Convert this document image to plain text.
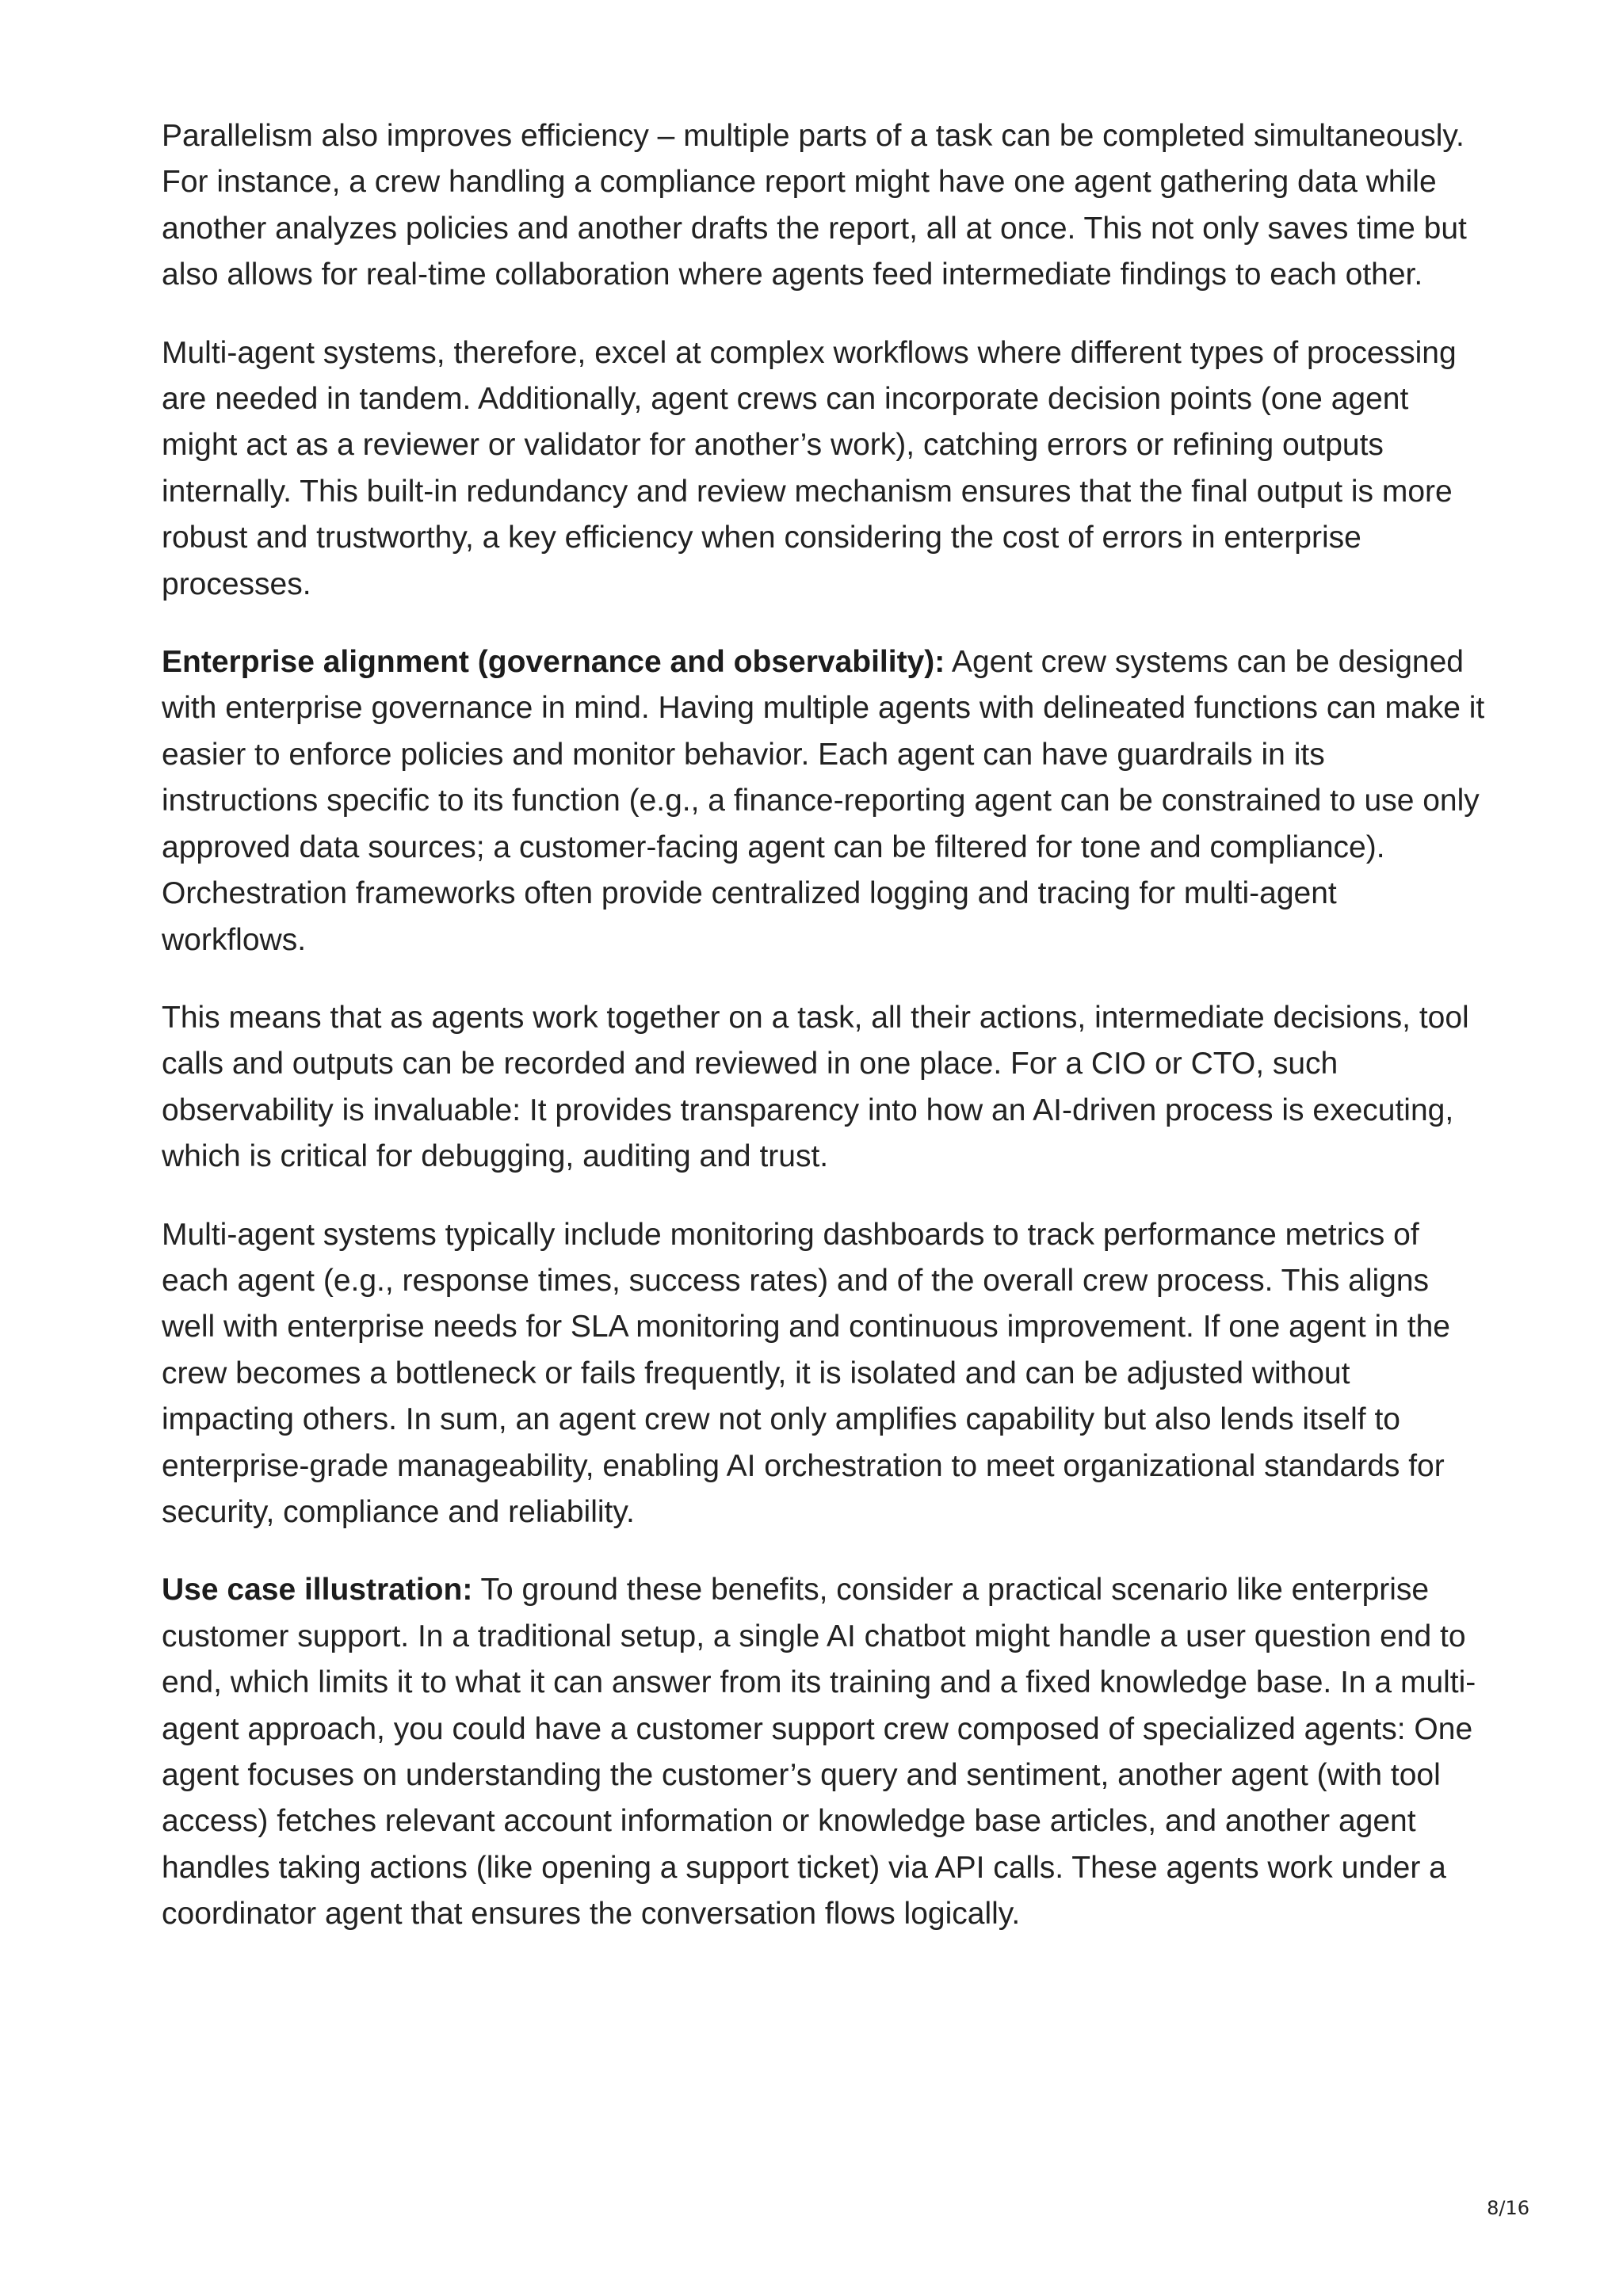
Parallelism also improves efficiency – multiple parts of a task can be completed simultaneously. For instance, a crew handling a compliance report might have one agent gathering data while another analyzes policies and another drafts the report, all at once. This not only saves time but also allows for real-time collaboration where agents feed intermediate findings to each other.

Multi-agent systems, therefore, excel at complex workflows where different types of processing are needed in tandem. Additionally, agent crews can incorporate decision points (one agent might act as a reviewer or validator for another’s work), catching errors or refining outputs internally. This built-in redundancy and review mechanism ensures that the final output is more robust and trustworthy, a key efficiency when considering the cost of errors in enterprise processes.

Enterprise alignment (governance and observability): Agent crew systems can be designed with enterprise governance in mind. Having multiple agents with delineated functions can make it easier to enforce policies and monitor behavior. Each agent can have guardrails in its instructions specific to its function (e.g., a finance-reporting agent can be constrained to use only approved data sources; a customer-facing agent can be filtered for tone and compliance). Orchestration frameworks often provide centralized logging and tracing for multi-agent workflows.

This means that as agents work together on a task, all their actions, intermediate decisions, tool calls and outputs can be recorded and reviewed in one place. For a CIO or CTO, such observability is invaluable: It provides transparency into how an AI-driven process is executing, which is critical for debugging, auditing and trust.

Multi-agent systems typically include monitoring dashboards to track performance metrics of each agent (e.g., response times, success rates) and of the overall crew process. This aligns well with enterprise needs for SLA monitoring and continuous improvement. If one agent in the crew becomes a bottleneck or fails frequently, it is isolated and can be adjusted without impacting others. In sum, an agent crew not only amplifies capability but also lends itself to enterprise-grade manageability, enabling AI orchestration to meet organizational standards for security, compliance and reliability.

Use case illustration: To ground these benefits, consider a practical scenario like enterprise customer support. In a traditional setup, a single AI chatbot might handle a user question end to end, which limits it to what it can answer from its training and a fixed knowledge base. In a multi-agent approach, you could have a customer support crew composed of specialized agents: One agent focuses on understanding the customer’s query and sentiment, another agent (with tool access) fetches relevant account information or knowledge base articles, and another agent handles taking actions (like opening a support ticket) via API calls. These agents work under a coordinator agent that ensures the conversation flows logically.

8/16
